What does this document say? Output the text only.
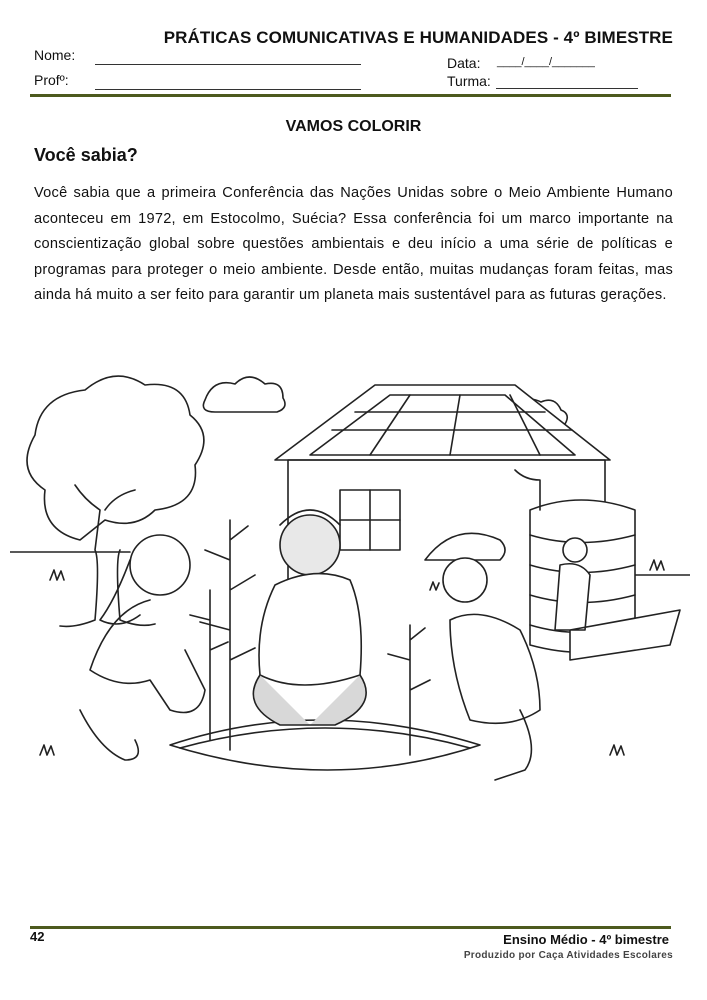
PRÁTICAS COMUNICATIVAS E HUMANIDADES - 4º BIMESTRE
Nome:	Data: ____/____/_______
Profº:	Turma:
VAMOS COLORIR
Você sabia?
Você sabia que a primeira Conferência das Nações Unidas sobre o Meio Ambiente Humano aconteceu em 1972, em Estocolmo, Suécia? Essa conferência foi um marco importante na conscientização global sobre questões ambientais e deu início a uma série de políticas e programas para proteger o meio ambiente. Desde então, muitas mudanças foram feitas, mas ainda há muito a ser feito para garantir um planeta mais sustentável para as futuras gerações.
42	Ensino Médio - 4º bimestre
Produzido por Caça Atividades Escolares
